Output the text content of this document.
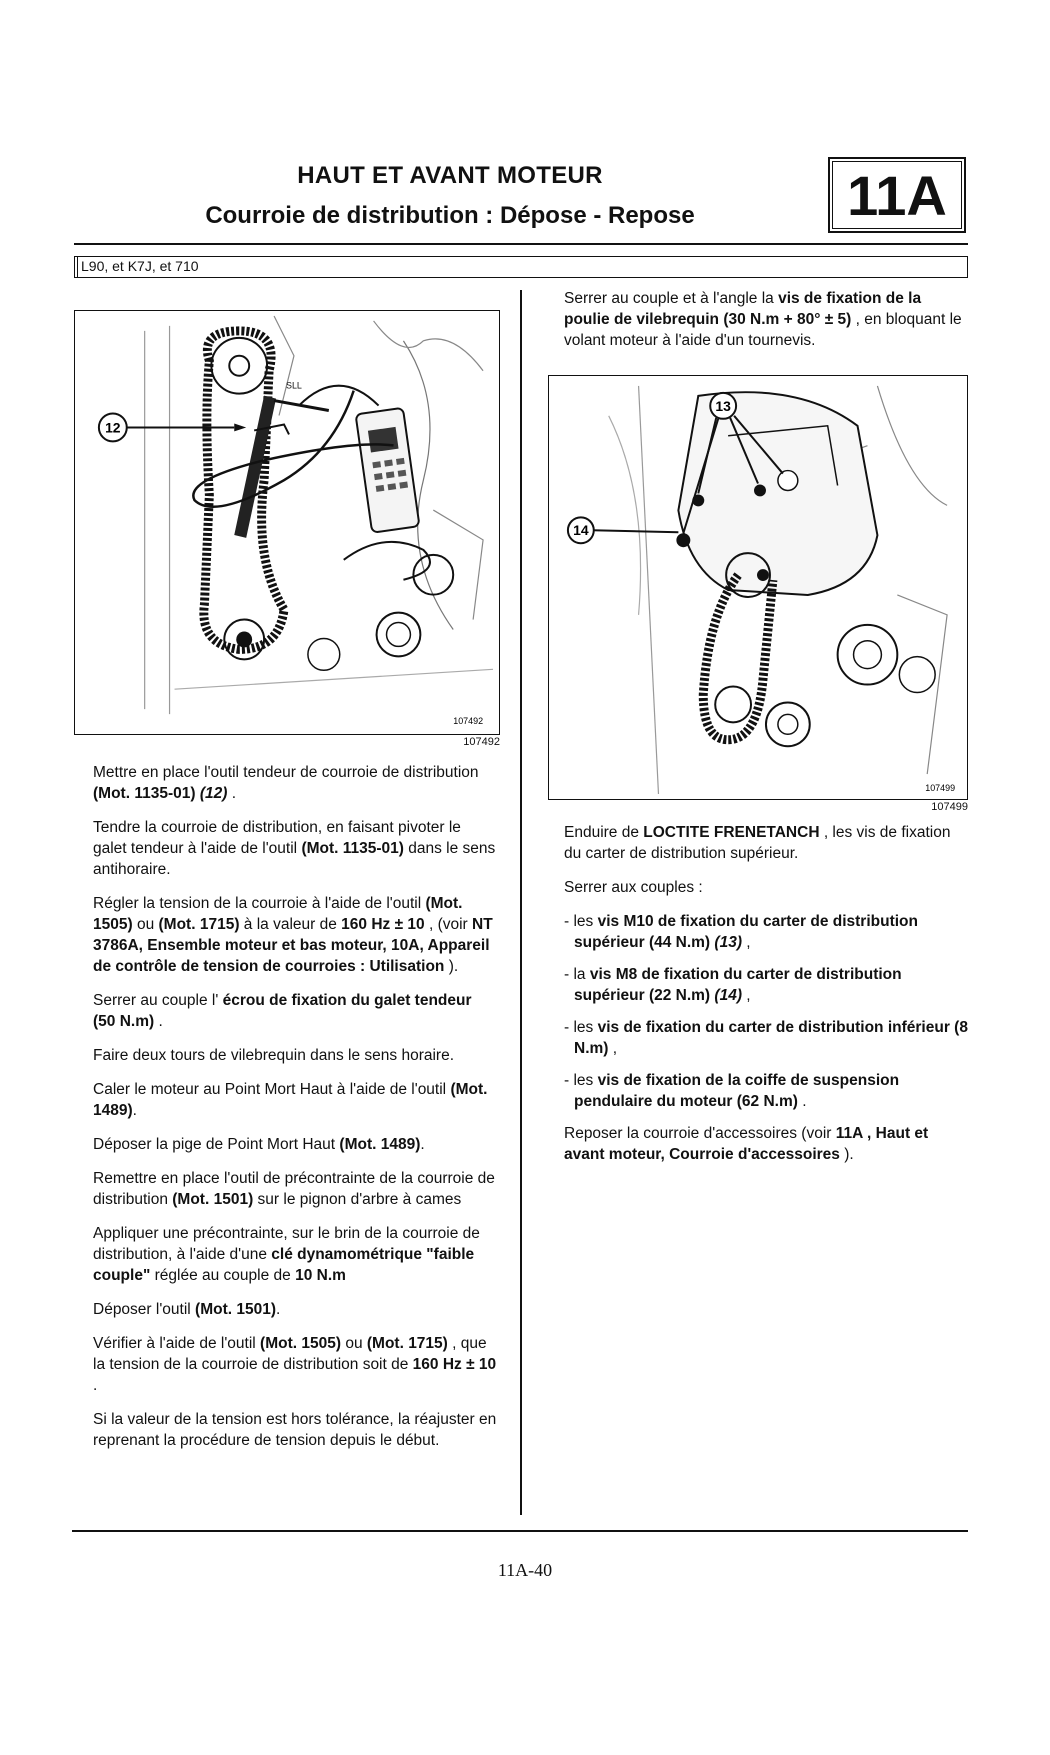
HAUT ET AVANT MOTEUR
Courroie de distribution : Dépose - Repose	11A
L90, et K7J, et 710
SLL
12
107492
107492
13
14
107499
107499

Mettre en place l'outil tendeur de courroie de distribution (Mot. 1135-01) (12) .

Tendre la courroie de distribution, en faisant pivoter le galet tendeur à l'aide de l'outil (Mot. 1135-01) dans le sens antihoraire.

Régler la tension de la courroie à l'aide de l'outil (Mot. 1505) ou (Mot. 1715) à la valeur de 160 Hz ± 10 , (voir NT 3786A, Ensemble moteur et bas moteur, 10A, Appareil de contrôle de tension de courroies : Utilisation ).

Serrer au couple l' écrou de fixation du galet tendeur (50 N.m) .

Faire deux tours de vilebrequin dans le sens horaire.

Caler le moteur au Point Mort Haut à l'aide de l'outil (Mot. 1489).

Déposer la pige de Point Mort Haut (Mot. 1489).

Remettre en place l'outil de précontrainte de la courroie de distribution (Mot. 1501) sur le pignon d'arbre à cames

Appliquer une précontrainte, sur le brin de la courroie de distribution, à l'aide d'une clé dynamométrique "faible couple" réglée au couple de 10 N.m

Déposer l'outil (Mot. 1501).

Vérifier à l'aide de l'outil (Mot. 1505) ou (Mot. 1715) , que la tension de la courroie de distribution soit de 160 Hz ± 10 .

Si la valeur de la tension est hors tolérance, la réajuster en reprenant la procédure de tension depuis le début.

Serrer au couple et à l'angle la vis de fixation de la poulie de vilebrequin (30 N.m + 80° ± 5) , en bloquant le volant moteur à l'aide d'un tournevis.

Enduire de LOCTITE FRENETANCH , les vis de fixation du carter de distribution supérieur.

Serrer aux couples :

- les vis M10 de fixation du carter de distribution supérieur (44 N.m) (13) ,

- la vis M8 de fixation du carter de distribution supérieur (22 N.m) (14) ,

- les vis de fixation du carter de distribution inférieur (8 N.m) ,

- les vis de fixation de la coiffe de suspension pendulaire du moteur (62 N.m) .

Reposer la courroie d'accessoires (voir 11A , Haut et avant moteur, Courroie d'accessoires ).

11A-40
